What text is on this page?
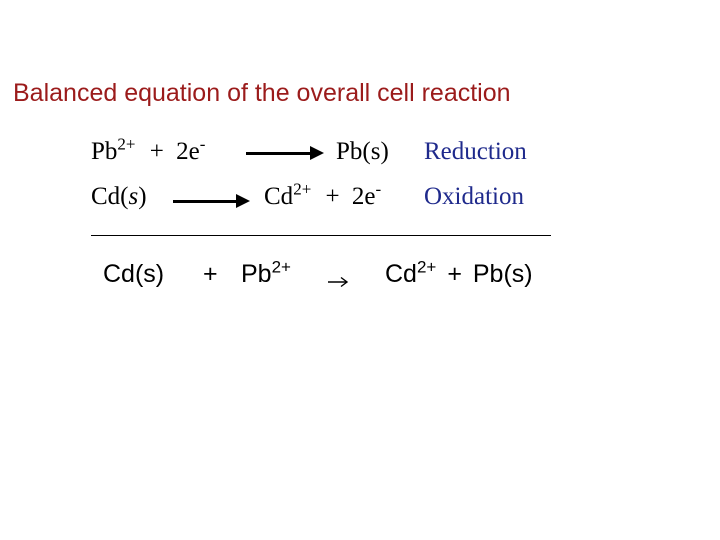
Balanced equation of the overall cell reaction
$Pb^{2+} + 2e^-$	Pb(s) Reduction
Cd(s)	$Cd^{2+} + 2e^-$ Oxidation
$Cd(s) + Pb^{2+}$	$Cd^{2+} + Pb(s)$
